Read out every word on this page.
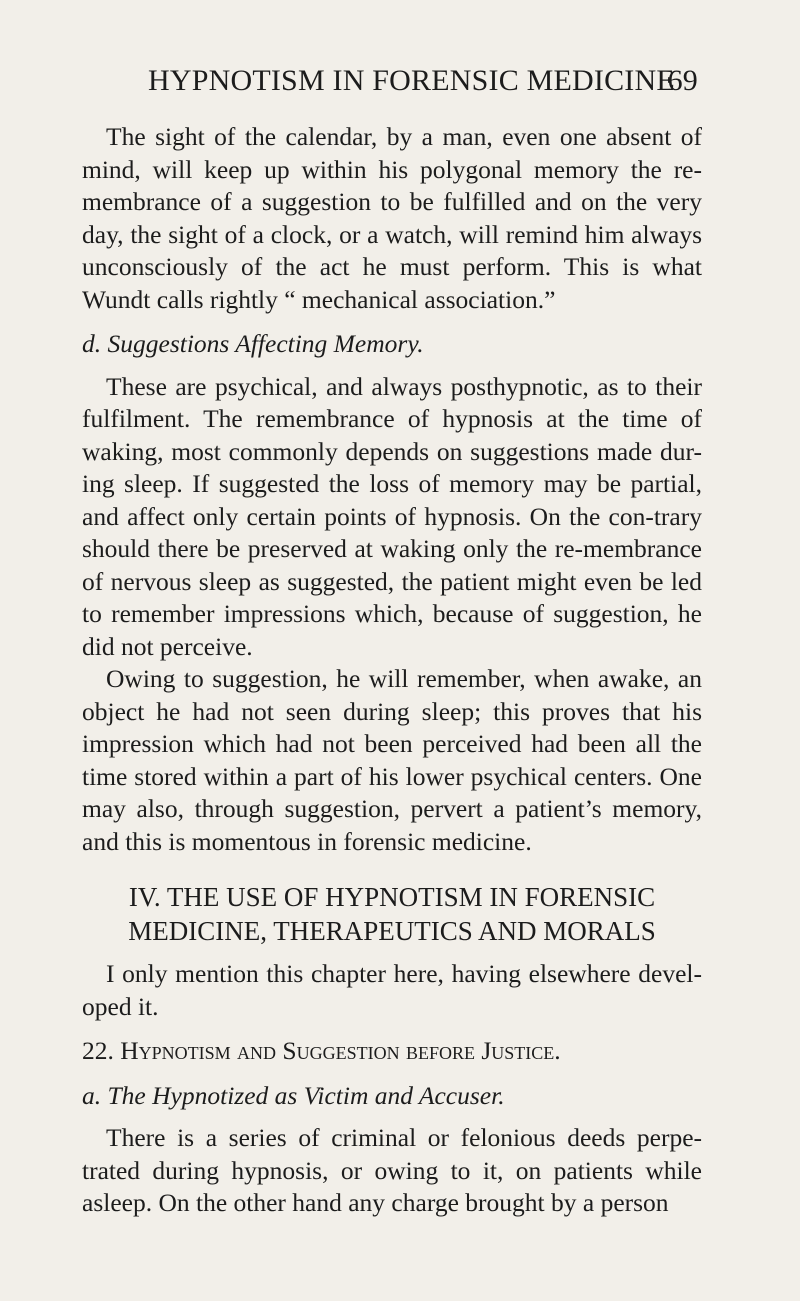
HYPNOTISM IN FORENSIC MEDICINE
69

The sight of the calendar, by a man, even one absent of mind, will keep up within his polygonal memory the re-membrance of a suggestion to be fulfilled and on the very day, the sight of a clock, or a watch, will remind him always unconsciously of the act he must perform. This is what Wundt calls rightly “ mechanical association.”

d. Suggestions Affecting Memory.

These are psychical, and always posthypnotic, as to their fulfilment. The remembrance of hypnosis at the time of waking, most commonly depends on suggestions made dur-ing sleep. If suggested the loss of memory may be partial, and affect only certain points of hypnosis. On the con-trary should there be preserved at waking only the re-membrance of nervous sleep as suggested, the patient might even be led to remember impressions which, because of suggestion, he did not perceive.

Owing to suggestion, he will remember, when awake, an object he had not seen during sleep; this proves that his impression which had not been perceived had been all the time stored within a part of his lower psychical centers. One may also, through suggestion, pervert a patient’s memory, and this is momentous in forensic medicine.

IV. THE USE OF HYPNOTISM IN FORENSIC
MEDICINE, THERAPEUTICS AND MORALS

I only mention this chapter here, having elsewhere devel-oped it.

22. Hypnotism and Suggestion before Justice.
a. The Hypnotized as Victim and Accuser.

There is a series of criminal or felonious deeds perpe-trated during hypnosis, or owing to it, on patients while asleep. On the other hand any charge brought by a person
